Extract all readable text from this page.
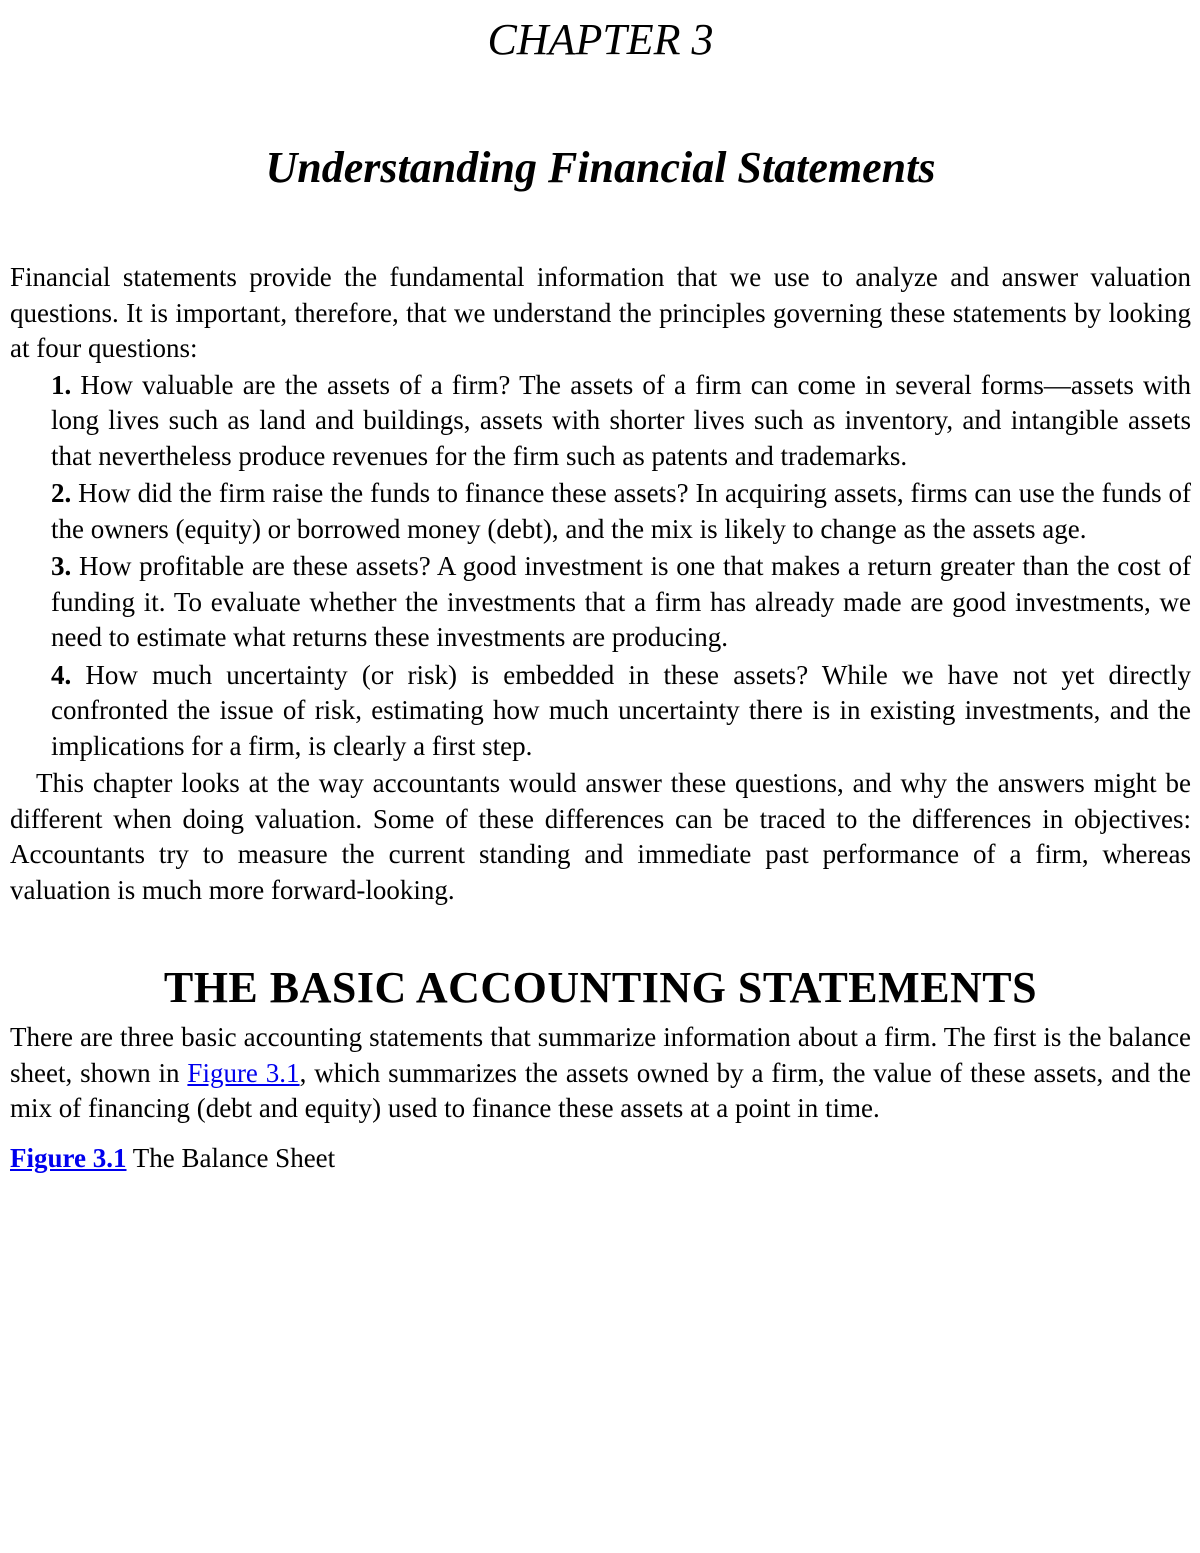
CHAPTER 3
Understanding Financial Statements

Financial statements provide the fundamental information that we use to analyze and answer valuation questions. It is important, therefore, that we understand the principles governing these statements by looking at four questions:

1. How valuable are the assets of a firm? The assets of a firm can come in several forms—assets with long lives such as land and buildings, assets with shorter lives such as inventory, and intangible assets that nevertheless produce revenues for the firm such as patents and trademarks.
2. How did the firm raise the funds to finance these assets? In acquiring assets, firms can use the funds of the owners (equity) or borrowed money (debt), and the mix is likely to change as the assets age.
3. How profitable are these assets? A good investment is one that makes a return greater than the cost of funding it. To evaluate whether the investments that a firm has already made are good investments, we need to estimate what returns these investments are producing.
4. How much uncertainty (or risk) is embedded in these assets? While we have not yet directly confronted the issue of risk, estimating how much uncertainty there is in existing investments, and the implications for a firm, is clearly a first step.

This chapter looks at the way accountants would answer these questions, and why the answers might be different when doing valuation. Some of these differences can be traced to the differences in objectives: Accountants try to measure the current standing and immediate past performance of a firm, whereas valuation is much more forward-looking.

THE BASIC ACCOUNTING STATEMENTS

There are three basic accounting statements that summarize information about a firm. The first is the balance sheet, shown in Figure 3.1, which summarizes the assets owned by a firm, the value of these assets, and the mix of financing (debt and equity) used to finance these assets at a point in time.

Figure 3.1 The Balance Sheet
